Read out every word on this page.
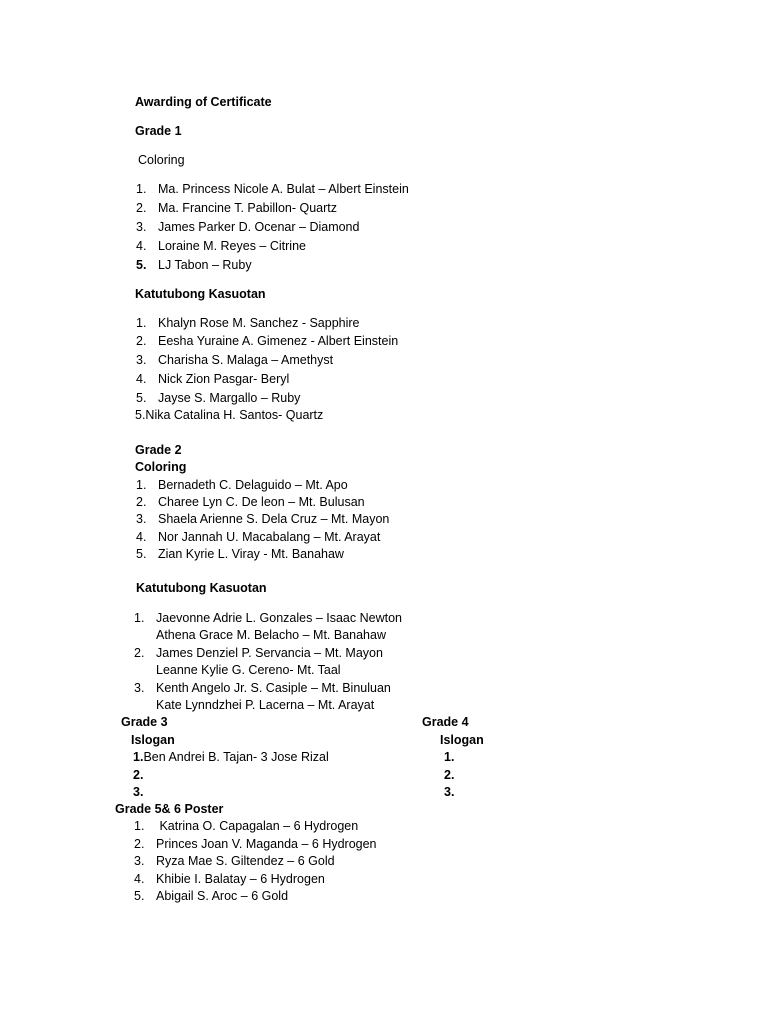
Awarding of Certificate
Grade 1
Coloring
1. Ma. Princess Nicole A. Bulat – Albert Einstein
2. Ma. Francine T. Pabillon- Quartz
3. James Parker D. Ocenar – Diamond
4. Loraine M. Reyes – Citrine
5. LJ Tabon – Ruby
Katutubong Kasuotan
1. Khalyn Rose M. Sanchez - Sapphire
2. Eesha Yuraine A. Gimenez - Albert Einstein
3. Charisha S. Malaga – Amethyst
4. Nick Zion Pasgar- Beryl
5. Jayse S. Margallo – Ruby
5.Nika Catalina H. Santos- Quartz
Grade 2
Coloring
1. Bernadeth C. Delaguido – Mt. Apo
2. Charee Lyn C. De leon – Mt. Bulusan
3. Shaela Arienne S. Dela Cruz – Mt. Mayon
4. Nor Jannah U. Macabalang – Mt. Arayat
5. Zian Kyrie L. Viray - Mt. Banahaw
Katutubong Kasuotan
1. Jaevonne Adrie L. Gonzales – Isaac Newton
Athena Grace M. Belacho – Mt. Banahaw
2. James Denziel P. Servancia – Mt. Mayon
Leanne Kylie G. Cereno- Mt. Taal
3. Kenth Angelo Jr. S. Casiple – Mt. Binuluan
Kate Lynndzhei P. Lacerna – Mt. Arayat
Grade 3
Islogan
1.Ben Andrei B. Tajan- 3 Jose Rizal
2.
3.
Grade 4
Islogan
1.
2.
3.
Grade 5& 6 Poster
1. Katrina O. Capagalan – 6 Hydrogen
2. Princes Joan V. Maganda – 6 Hydrogen
3. Ryza Mae S. Giltendez – 6 Gold
4. Khibie I. Balatay – 6 Hydrogen
5. Abigail S. Aroc – 6 Gold
